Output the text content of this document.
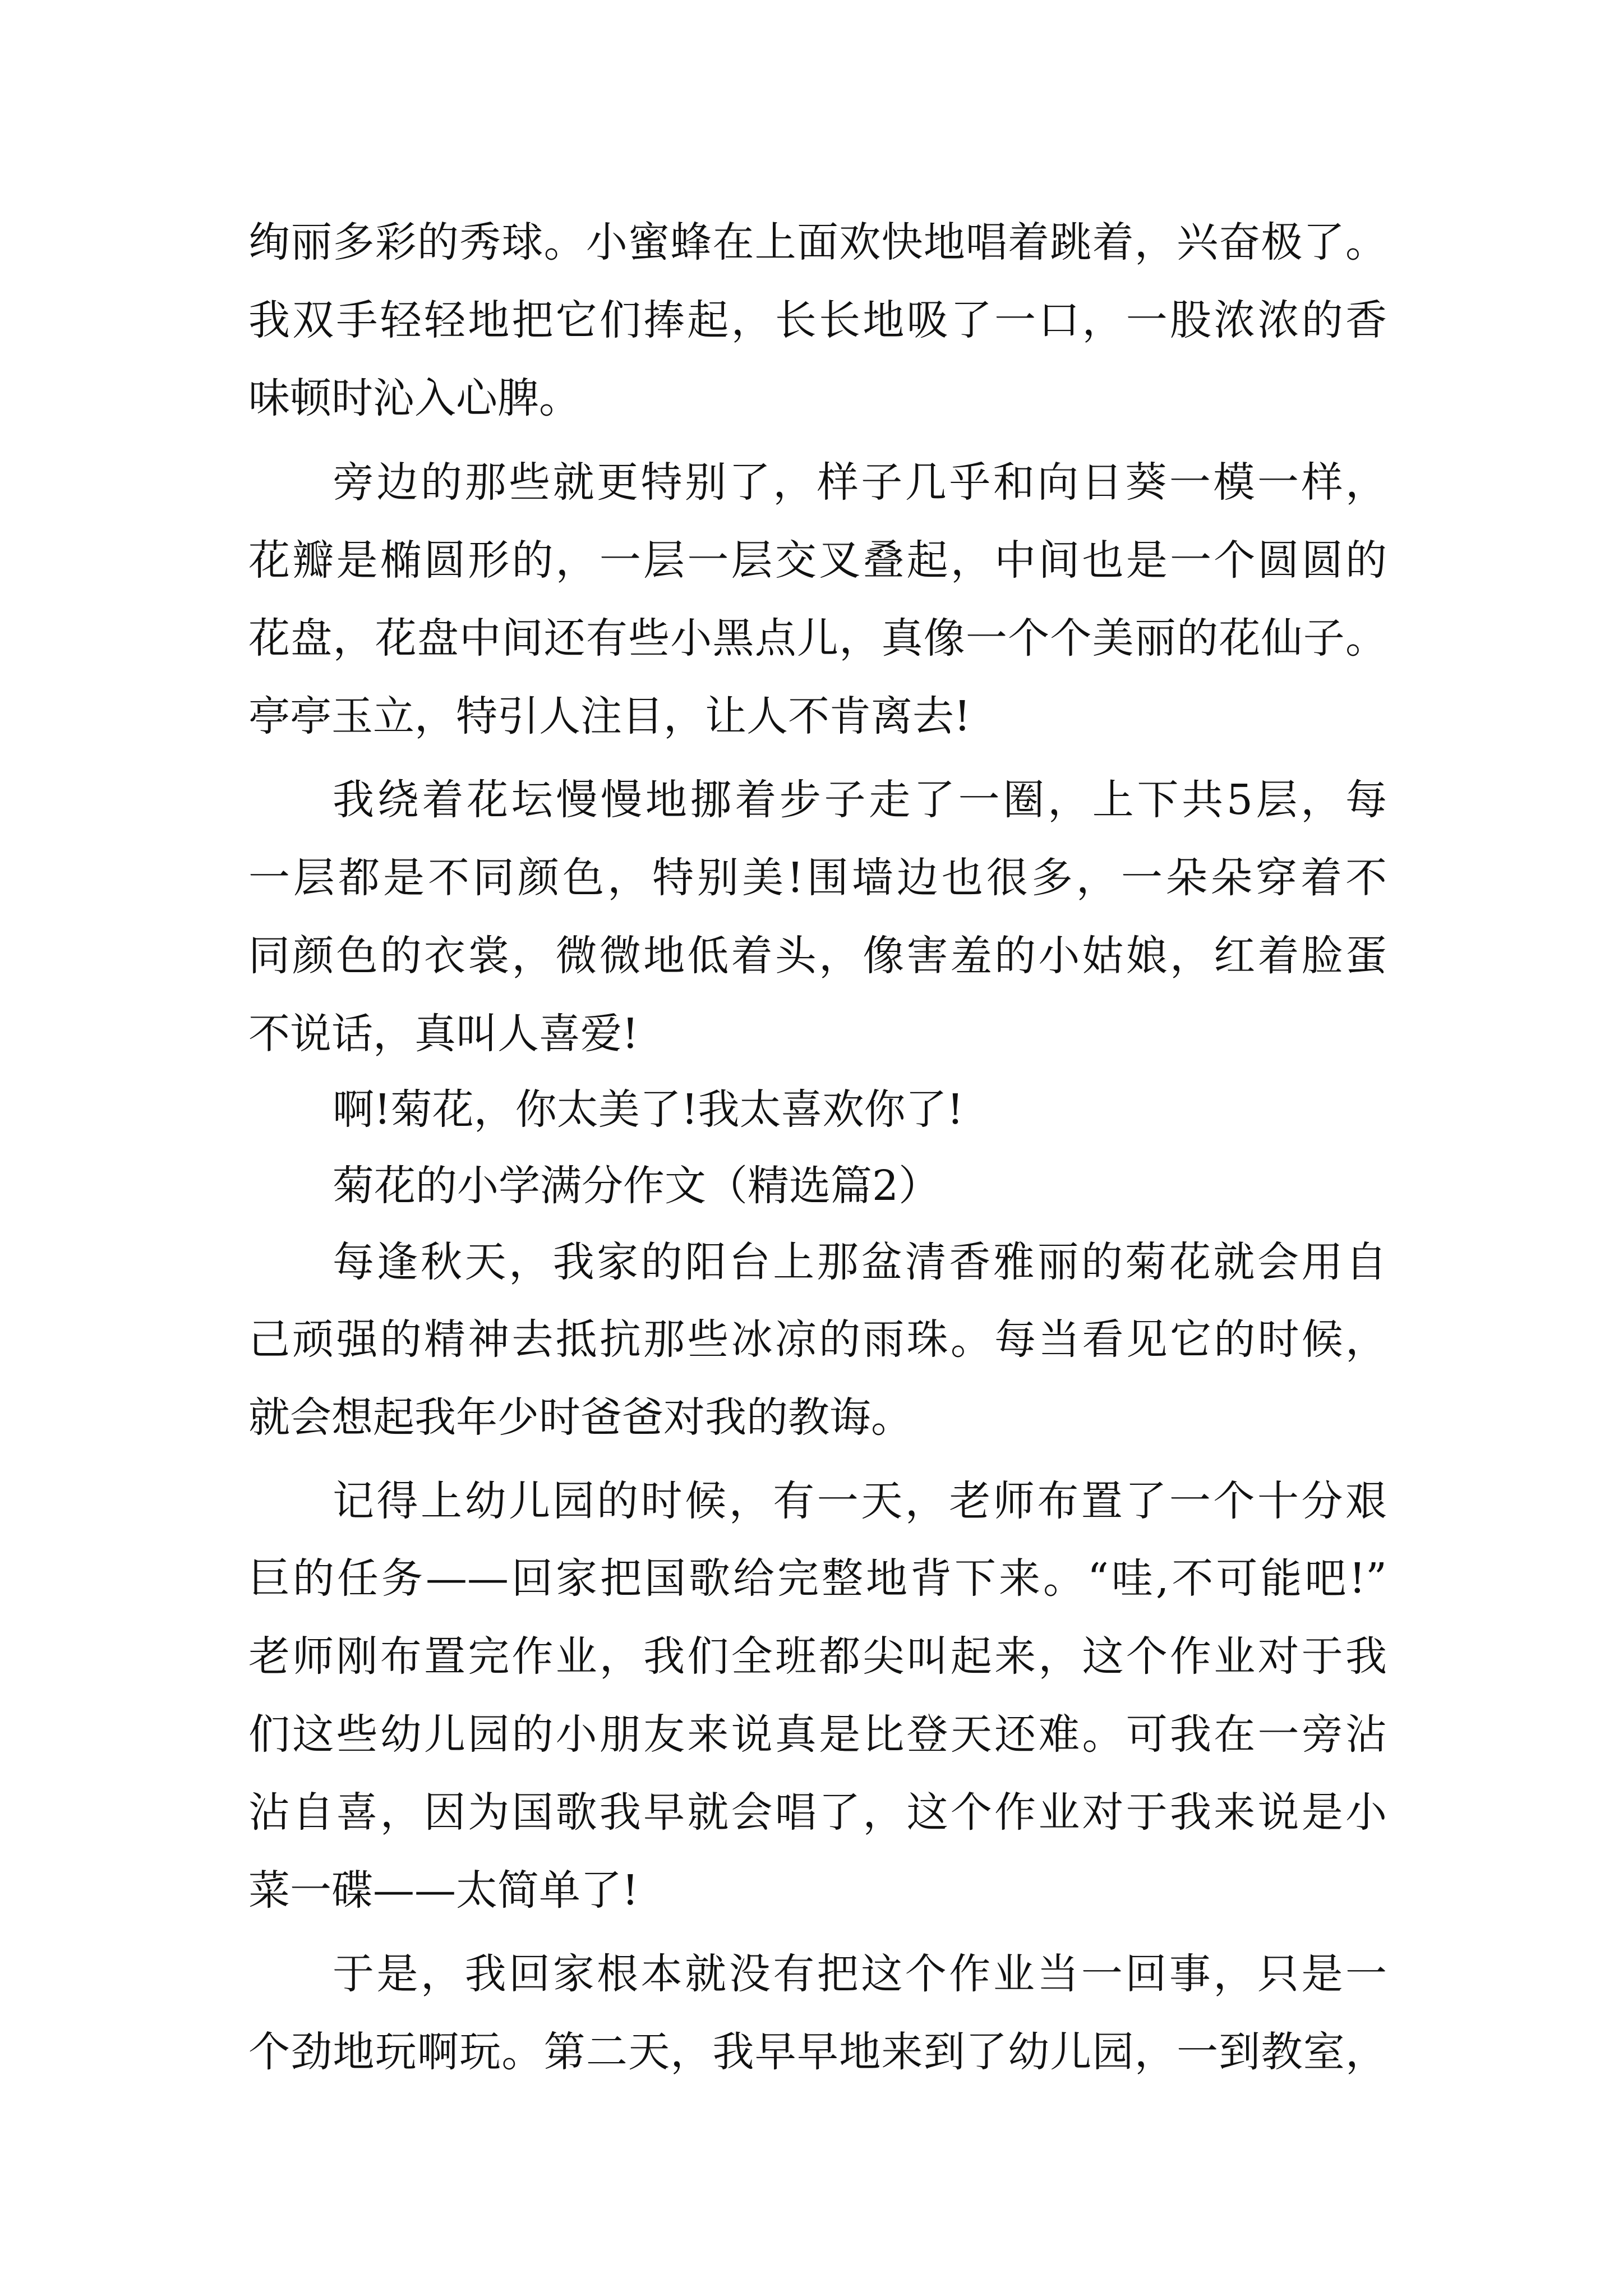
绚丽多彩的秀球。小蜜蜂在上面欢快地唱着跳着，兴奋极了。
我双手轻轻地把它们捧起，长长地吸了一口，一股浓浓的香
味顿时沁入心脾。
旁边的那些就更特别了，样子几乎和向日葵一模一样，
花瓣是椭圆形的，一层一层交叉叠起，中间也是一个圆圆的
花盘，花盘中间还有些小黑点儿，真像一个个美丽的花仙子。
亭亭玉立，特引人注目，让人不肯离去!
我绕着花坛慢慢地挪着步子走了一圈，上下共5层，每
一层都是不同颜色，特别美!围墙边也很多，一朵朵穿着不
同颜色的衣裳，微微地低着头，像害羞的小姑娘，红着脸蛋
不说话，真叫人喜爱!
啊!菊花，你太美了!我太喜欢你了!
菊花的小学满分作文（精选篇2）
每逢秋天，我家的阳台上那盆清香雅丽的菊花就会用自
己顽强的精神去抵抗那些冰凉的雨珠。每当看见它的时候，
就会想起我年少时爸爸对我的教诲。
记得上幼儿园的时候，有一天，老师布置了一个十分艰
巨的任务——回家把国歌给完整地背下来。“哇,不可能吧!”
老师刚布置完作业，我们全班都尖叫起来，这个作业对于我
们这些幼儿园的小朋友来说真是比登天还难。可我在一旁沾
沾自喜，因为国歌我早就会唱了，这个作业对于我来说是小
菜一碟——太简单了!
于是，我回家根本就没有把这个作业当一回事，只是一
个劲地玩啊玩。第二天，我早早地来到了幼儿园，一到教室，
